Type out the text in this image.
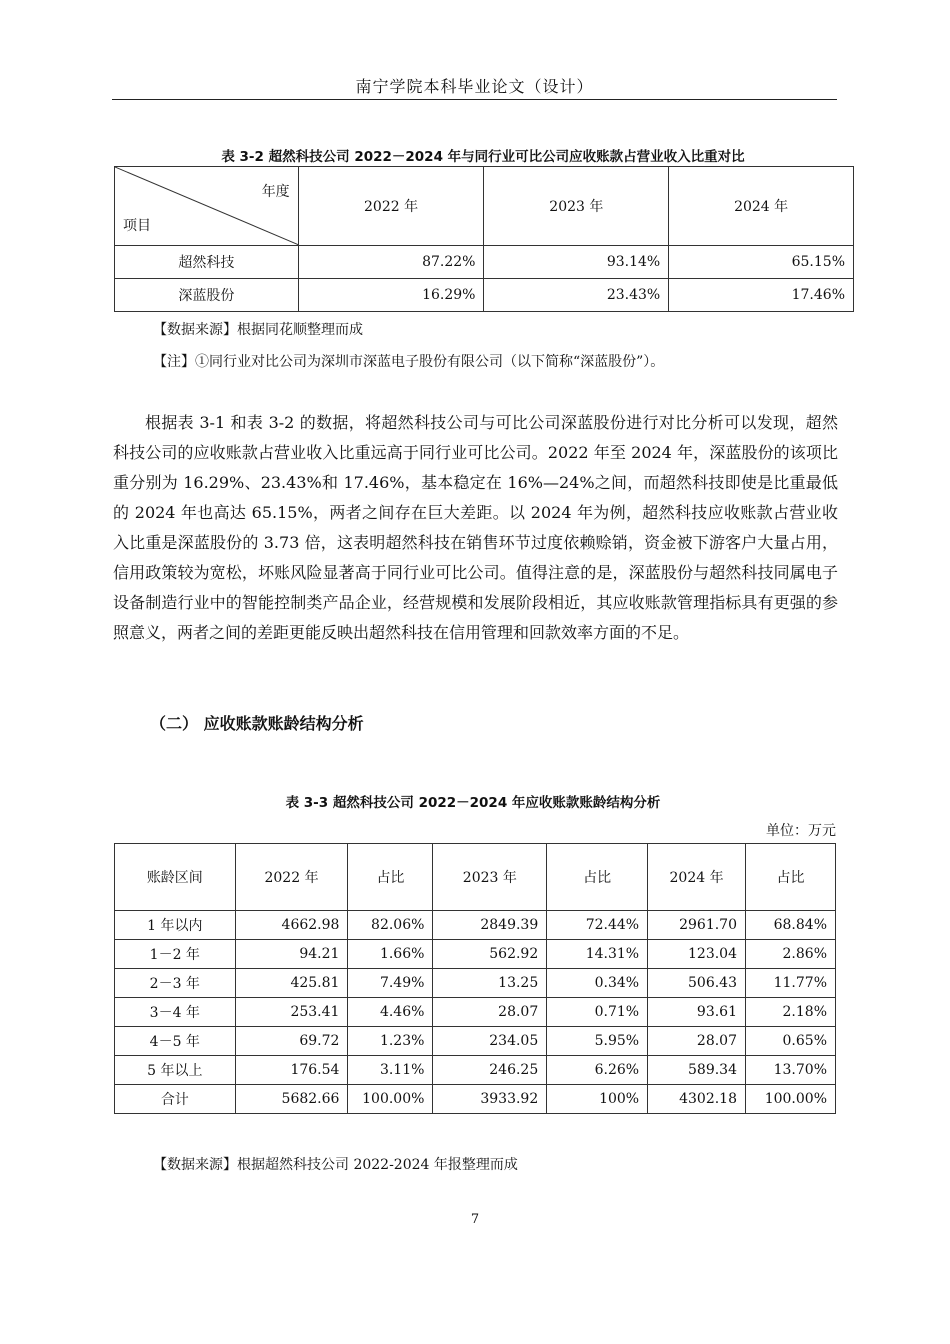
南宁学院本科毕业论文（设计）
表 3-2 超然科技公司 2022－2024 年与同行业可比公司应收账款占营业收入比重对比
年度
项目	2022 年	2023 年	2024 年
超然科技	87.22%	93.14%	65.15%
深蓝股份	16.29%	23.43%	17.46%
【数据来源】根据同花顺整理而成
【注】①同行业对比公司为深圳市深蓝电子股份有限公司（以下简称“深蓝股份”）。

根据表 3-1 和表 3-2 的数据，将超然科技公司与可比公司深蓝股份进行对比分析可以发现，超然科技公司的应收账款占营业收入比重远高于同行业可比公司。2022 年至 2024 年，深蓝股份的该项比重分别为 16.29%、23.43%和 17.46%，基本稳定在 16%—24%之间，而超然科技即使是比重最低的 2024 年也高达 65.15%，两者之间存在巨大差距。以 2024 年为例，超然科技应收账款占营业收入比重是深蓝股份的 3.73 倍，这表明超然科技在销售环节过度依赖赊销，资金被下游客户大量占用，信用政策较为宽松，坏账风险显著高于同行业可比公司。值得注意的是，深蓝股份与超然科技同属电子设备制造行业中的智能控制类产品企业，经营规模和发展阶段相近，其应收账款管理指标具有更强的参照意义，两者之间的差距更能反映出超然科技在信用管理和回款效率方面的不足。

（二） 应收账款账龄结构分析
表 3-3 超然科技公司 2022－2024 年应收账款账龄结构分析
单位：万元
账龄区间	2022 年	占比	2023 年	占比	2024 年	占比
1 年以内	4662.98	82.06%	2849.39	72.44%	2961.70	68.84%
1－2 年	94.21	1.66%	562.92	14.31%	123.04	2.86%
2－3 年	425.81	7.49%	13.25	0.34%	506.43	11.77%
3－4 年	253.41	4.46%	28.07	0.71%	93.61	2.18%
4－5 年	69.72	1.23%	234.05	5.95%	28.07	0.65%
5 年以上	176.54	3.11%	246.25	6.26%	589.34	13.70%
合计	5682.66	100.00%	3933.92	100%	4302.18	100.00%
【数据来源】根据超然科技公司 2022-2024 年报整理而成
7
